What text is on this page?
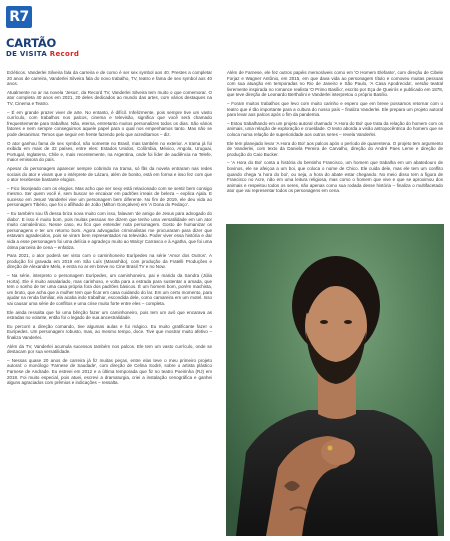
R7
CARTÃO
DE VISITA Record

Ecléticos. Vanderlei Silveira fala da carreira e de como é ser sex symbol aos 40. Prestes a completar 20 anos de carreira, Vanderlei Silveira fala do novo trabalho, TV, teatro e fama de sex symbol aos 40 anos.

Atualmente no ar na novela 'Jesus', da Record TV, Vanderlei Silveira tem muito o que comemorar. O ator completa 40 anos em 2021, 20 deles dedicados ao mundo das artes, com vários destaques na TV, Cinema e Teatro.

– É em grande prazer viver de arte. No entanto, é difícil. Infelizmente, pois sempre tive um vasto currículo, com trabalhos nos palcos, cinema e televisão, significa que você será chamado frequentemente para trabalhar. Não, eterna, entretanto muitos personalizes todos os dias. São vários fatores e nem sempre conseguimos aquele papel para o qual nos empenhamos tanto. Mas não se pode desanimar. Temos que seguir em frente fazendo pelo que acreditamos – diz.

O ator ganhou fama de sex symbol, não somente no Brasil, mas também no exterior. A trama já foi exibida em mais de 32 países, entre eles: Estados Unidos, Colômbia, México, Angola, Uruguai, Portugal, Inglaterra, Chile e, mais recentemente, na Argentina, onde foi líder de audiência na Telefe, maior emissora do país.

Apesar do personagem aparecer sempre cobrindo na trama, só fãs da novela entraram nas redes sociais do ator e vivam que o intérprete de Lázaro, além de bonito, está em forma e isso fez com que o ator recebesse bastante elogios.

– Fico lisonjeado com os elogios. Mas acho que ser sexy está relacionado com se sentir bem consigo mesmo. Ser quem você é, sem buscar se encaixar em padrões irreais de beleza – explica Ajala. E sucesso em Jesus! Vanderlei vive um personagem bem diferente. No fim de 2019, ele deu vida ao personagem Tibério, que foi o afilhado de João (Milton Gonçalves) em 'A Dona do Pedaço'.

– Eu também sou fã dessa briza nova muito com isso, falavam 'de amigo de Jesus para advogado do diabo'. E isso é muito bom, pois muitas pessoas me dizem que tenho uma versatilidade em um ator muito camaleônico. Nesse caso, eu fico que entender nota personagem. Gosto de humanizar os personagens e ter um retorno bom. Agora advogados criminalistas me procuraram para dizer que estavam agradecidos, pois se viram bem representados na televisão. Poder viver essa história e dar vida a esse personagem foi uma delícia e agradeço muito ao Walcyr Carrasco e à Agatha, que foi uma ótima parceira de cena – enfatiza.

Para 2021, o ator poderá ser visto com o caminhoneiro Eurípedes na série 'Amor dos Outros'. A produção foi gravada em 2019 em São Luís (Maranhão), com produção da Fratelli Produções e direção de Alexandre Melo, e entra no ar em breve no Cine Brasil TV e no Now.

– Na série, interpreto o personagem Eurípedes, um caminhoneiro, pai e marido da Sandra (Júlia Horta). Ele é muito assalariado, mas carinhoso, e volta para a estrada para sustentar a amada, que tem o sonho de ter uma casa própria fora dos padrões básicos. É um homem bom, porém machista, um bruto, que acha que a mulher tem que ficar em casa cuidando do lar. Em um certo momento, para ajudar na renda familiar, ela acaba indo trabalhar, escondida dele, como camareira em um motel. Isso vai causar uma série de conflitos e uma crise muito forte entre eles – completa.

Ele ainda ressalta que foi uma bênção fazer um caminhoneiro, pois tem um avô que encarava as estradas no volante, então foi o legado de sua ancestralidade.

Eu percorri a direção comando, tive algumas aulas e fui mágico. Eu muito gratificante fazer o Eurípedes. Um personagem robusto, mas, ao mesmo tempo, doce. Tive que mostrar muito afetivo – finaliza Vanderlei.

Além da TV, Vanderlei acumula sucessos também nos palcos. Ele tem um vasto currículo, onde se destacam por sua versatilidade.

– Nessas quase 20 anos de carreira já fiz muitas peças, entre elas teve o meu primeiro projeto autoral: o monólogo 'Farnese de Saudade', com direção de Celina Sodré, sobre o artista plástico Farnese de Andrade. Eu estreei em 2012 e a última temporada que fiz no teatro Poeirinha (RJ) em 2018. Foi muito especial, pois atuei, escrevi a dramaturgia, criei a instalação cenográfica e ganhei alguns agraciados com prêmios e indicações – ressalta.

Além de Farnese, ele fez outros papéis memoráveis como em 'O Homem Elefante', com direção de Cibele Forjaz e Wagner Antônio, em 2015, em que dava vida ao personagem título e comoveu muitas pessoas com sua atuação em temporadas no Rio de Janeiro e São Paulo, 'A Casa Apodrecida', versão teatral livremente inspirada no romance realista 'O Primo Basílio', escrito por Eça de Queirós e publicado em 1878, que teve direção de Leonardo Bertholini e Vanderlei interpretou o próprio Basílio.

– Foram muitos trabalhos que levo com muito carinho e espero que em breve possamos retornar com o teatro que é tão importante para a cultura do nosso país – finaliza Vanderlei. Ele prepara um projeto autoral para levar aos palcos após o fim da pandemia.

– Estou trabalhando em um projeto autoral chamado 'A Hora do Boi' que trata da relação do homem com os animais, uma relação de exploração e crueldade. O texto aborda a visão antropocêntrica do homem que se coloca numa relação de superioridade aos outros seres – revela Vanderlei.

Ele tem planejado levar 'A Hora do Boi' aos palcos após o período de quarentena. O projeto tem argumento de Vanderlei, com texto da Daniela Pereira de Carvalho, direção do André Paes Leme e direção de produção do Caio Bucker.

– 'A Hora do Boi' conta a história do bentinho Francisco, um homem que trabalha em um abatedouro de bovinos, ele se afeiçoa a um boi, que coloca o nome de Chico. Ele cuida dele, mas ele tem um conflito quando chega 'a hora do boi', ou seja, a hora do abate estar chegando. No meio disso tem a figura de Francisco no Acre, não em uma leitura religiosa, mas como o homem que vive e que se aproximou dos animais e respeitou todos os seres, não apenas como sua rodada desse história – finaliza o multifacetado ator que vai representar todos os personagens em cena.
